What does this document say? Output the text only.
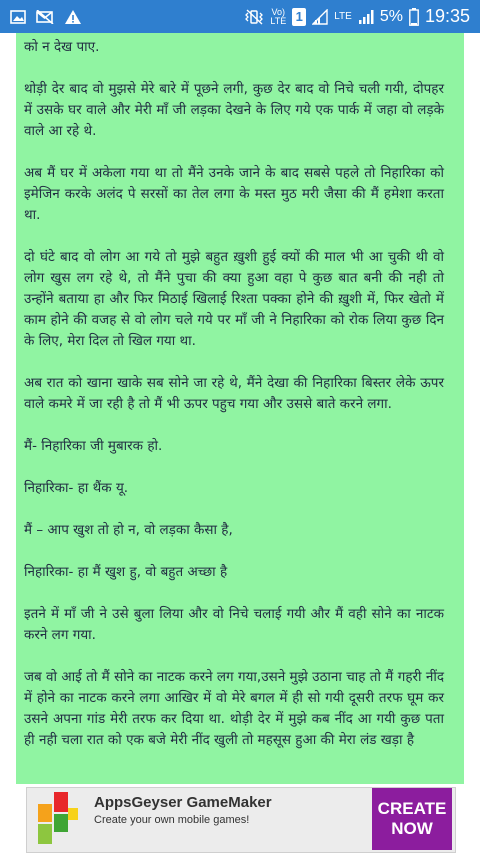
Vo)
LTE 1	LTE 5% 19:35

को न देख पाए.

थोड़ी देर बाद वो मुझसे मेरे बारे में पूछने लगी, कुछ देर बाद वो निचे चली गयी, दोपहर में उसके घर वाले और मेरी माँ जी लड़का देखने के लिए गये एक पार्क में जहा वो लड़के वाले आ रहे थे.

अब मैं घर में अकेला गया था तो मैंने उनके जाने के बाद सबसे पहले तो निहारिका को इमेजिन करके अलंद पे सरसों का तेल लगा के मस्त मुठ मरी जैसा की मैं हमेशा करता था.

दो घंटे बाद वो लोग आ गये तो मुझे बहुत ख़ुशी हुई क्यों की माल भी आ चुकी थी वो लोग खुस लग रहे थे, तो मैंने पुचा की क्या हुआ वहा पे कुछ बात बनी की नही तो उन्होंने बताया हा और फिर मिठाई खिलाई रिश्ता पक्का होने की ख़ुशी में, फिर खेतो में काम होने की वजह से वो लोग चले गये पर माँ जी ने निहारिका को रोक लिया कुछ दिन के लिए, मेरा दिल तो खिल गया था.

अब रात को खाना खाके सब सोने जा रहे थे, मैंने देखा की निहारिका बिस्तर लेके ऊपर वाले कमरे में जा रही है तो मैं भी ऊपर पहुच गया और उससे बाते करने लगा.

मैं- निहारिका जी मुबारक हो.

निहारिका- हा थैंक यू.

मैं – आप खुश तो हो न, वो लड़का कैसा है,

निहारिका- हा मैं खुश हु, वो बहुत अच्छा है

इतने में माँ जी ने उसे बुला लिया और वो निचे चलाई गयी और मैं वही सोने का नाटक करने लग गया.

जब वो आई तो मैं सोने का नाटक करने लग गया,उसने मुझे उठाना चाह तो मैं गहरी नींद में होने का नाटक करने लगा आखिर में वो मेरे बगल में ही सो गयी दूसरी तरफ घूम कर उसने अपना गांड मेरी तरफ कर दिया था. थोड़ी देर में मुझे कब नींद आ गयी कुछ पता ही नही चला रात को एक बजे मेरी नींद खुली तो महसूस हुआ की मेरा लंड खड़ा है

AppsGeyser GameMaker
Create your own mobile games!
CREATE
NOW
